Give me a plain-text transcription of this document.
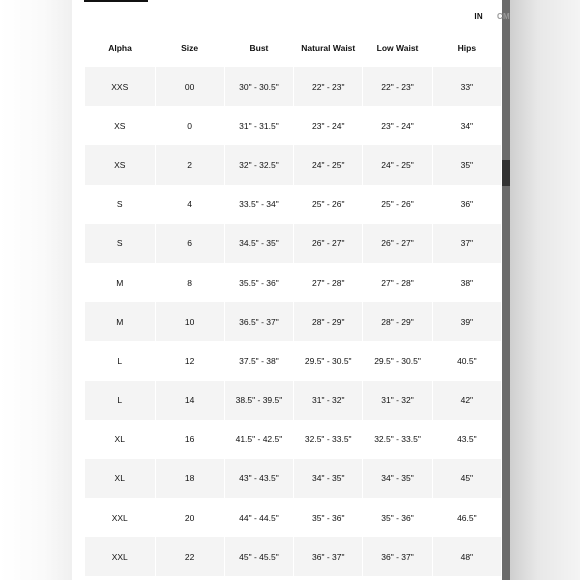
IN CM
Alpha	Size	Bust	Natural Waist	Low Waist	Hips
XXS	00	30" - 30.5"	22" - 23"	22" - 23"	33"
XS	0	31" - 31.5"	23" - 24"	23" - 24"	34"
XS	2	32" - 32.5"	24" - 25"	24" - 25"	35"
S	4	33.5" - 34"	25" - 26"	25" - 26"	36"
S	6	34.5" - 35"	26" - 27"	26" - 27"	37"
M	8	35.5" - 36"	27" - 28"	27" - 28"	38"
M	10	36.5" - 37"	28" - 29"	28" - 29"	39"
L	12	37.5" - 38"	29.5" - 30.5"	29.5" - 30.5"	40.5"
L	14	38.5" - 39.5"	31" - 32"	31" - 32"	42"
XL	16	41.5" - 42.5"	32.5" - 33.5"	32.5" - 33.5"	43.5"
XL	18	43" - 43.5"	34" - 35"	34" - 35"	45"
XXL	20	44" - 44.5"	35" - 36"	35" - 36"	46.5"
XXL	22	45" - 45.5"	36" - 37"	36" - 37"	48"
